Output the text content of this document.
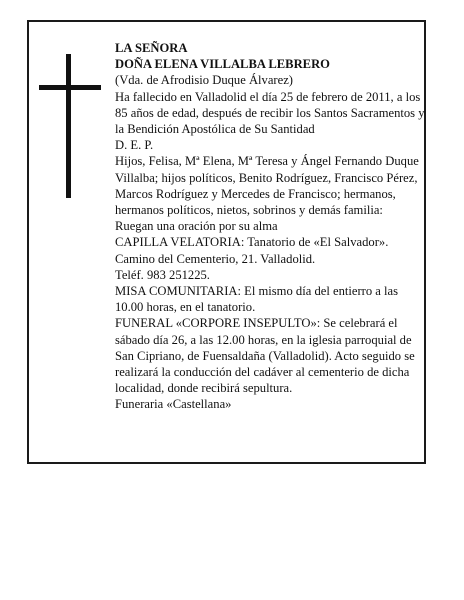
LA SEÑORA

DOÑA ELENA VILLALBA LEBRERO

(Vda. de Afrodisio Duque Álvarez)

Ha fallecido en Valladolid el día 25 de febrero de 2011, a los 85 años de edad, después de recibir los Santos Sacramentos y la Bendición Apostólica de Su Santidad

D. E. P.

Hijos, Felisa, Mª Elena, Mª Teresa y Ángel Fernando Duque Villalba; hijos políticos, Benito Rodríguez, Francisco Pérez, Marcos Rodríguez y Mercedes de Francisco; hermanos, hermanos políticos, nietos, sobrinos y demás familia:

Ruegan una oración por su alma

CAPILLA VELATORIA: Tanatorio de «El Salvador». Camino del Cementerio, 21. Valladolid.

Teléf. 983 251225.

MISA COMUNITARIA: El mismo día del entierro a las 10.00 horas, en el tanatorio.

FUNERAL «CORPORE INSEPULTO»: Se celebrará el sábado día 26, a las 12.00 horas, en la iglesia parroquial de San Cipriano, de Fuensaldaña (Valladolid). Acto seguido se realizará la conducción del cadáver al cementerio de dicha localidad, donde recibirá sepultura.

Funeraria «Castellana»
